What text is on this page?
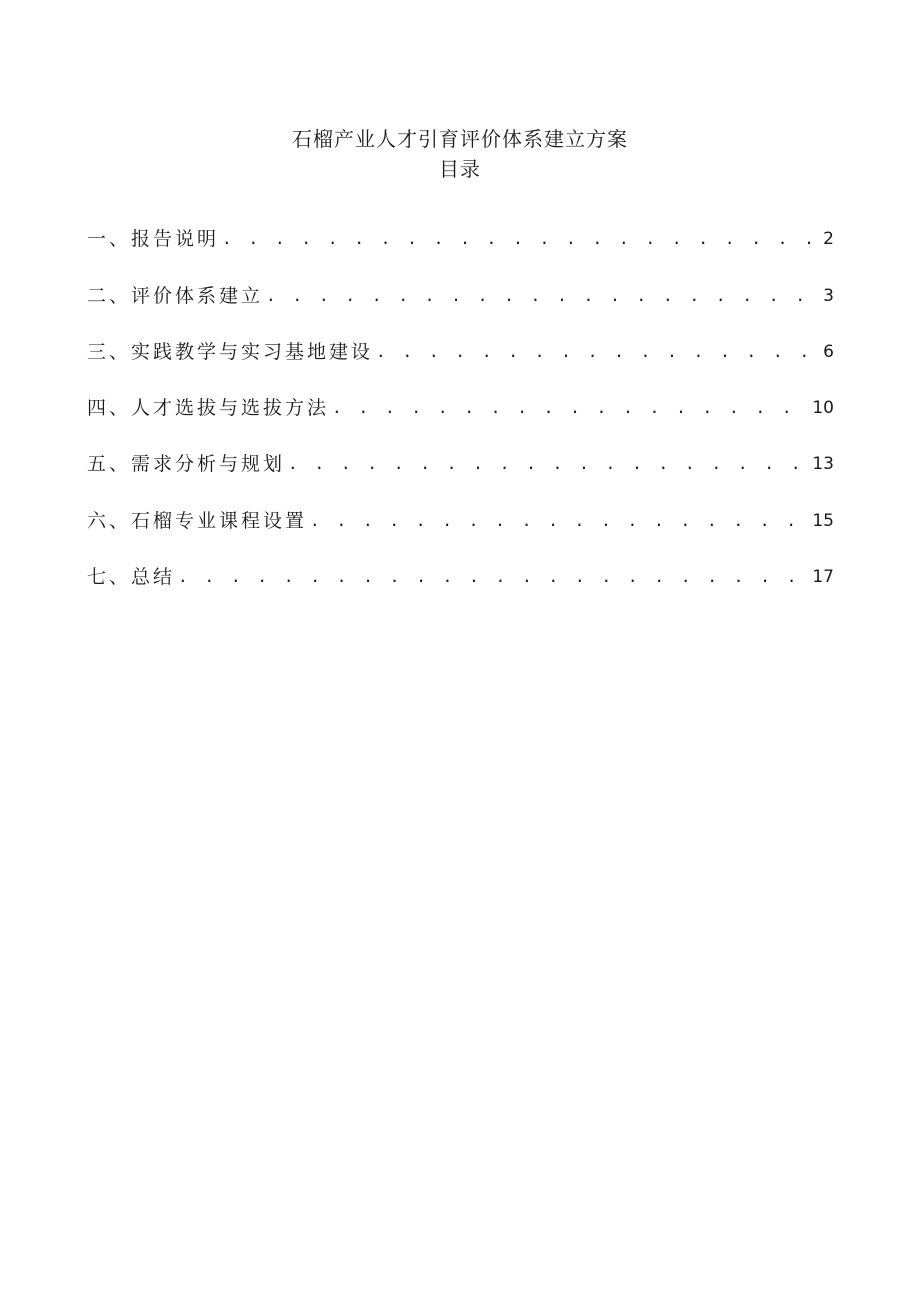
石榴产业人才引育评价体系建立方案
目录
一、报告说明 . . .	2
二、评价体系建立 . . .	3
三、实践教学与实习基地建设 . . .	6
四、人才选拔与选拔方法 . . .	10
五、需求分析与规划 . . .	13
六、石榴专业课程设置 . . .	15
七、总结 . . .	17
